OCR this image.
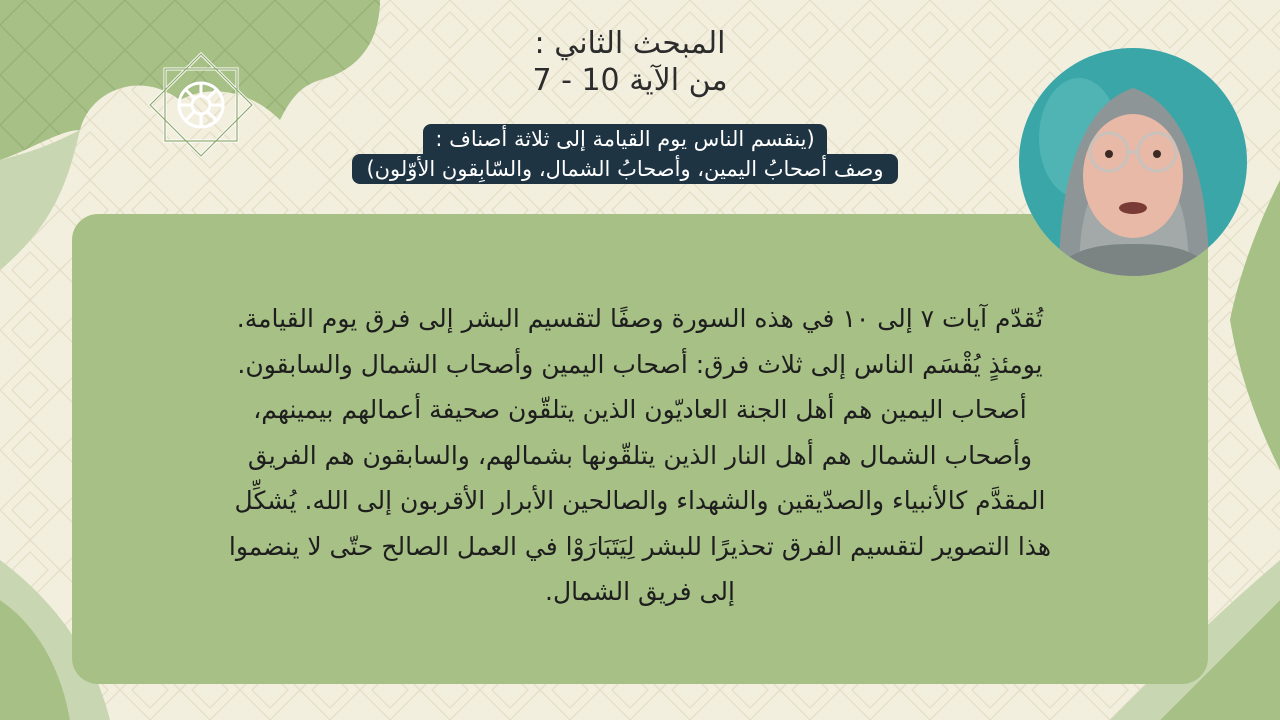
المبحث الثاني :
من الآية 10 - 7
(ينقسم الناس يوم القيامة إلى ثلاثة أصناف :
وصف أصحابُ اليمين، وأصحابُ الشمال، والسّابِقون الأوّلون)
تُقدّم آيات ٧ إلى ١٠ في هذه السورة وصفًا لتقسيم البشر إلى فرق يوم القيامة.
يومئذٍ يُقْسَم الناس إلى ثلاث فرق: أصحاب اليمين وأصحاب الشمال والسابقون.
أصحاب اليمين هم أهل الجنة العاديّون الذين يتلقّون صحيفة أعمالهم بيمينهم،
وأصحاب الشمال هم أهل النار الذين يتلقّونها بشمالهم، والسابقون هم الفريق
المقدَّم كالأنبياء والصدّيقين والشهداء والصالحين الأبرار الأقربون إلى الله. يُشكِّل
هذا التصوير لتقسيم الفرق تحذيرًا للبشر لِيَتَبَارَوْا في العمل الصالح حتّى لا ينضموا
إلى فريق الشمال.
